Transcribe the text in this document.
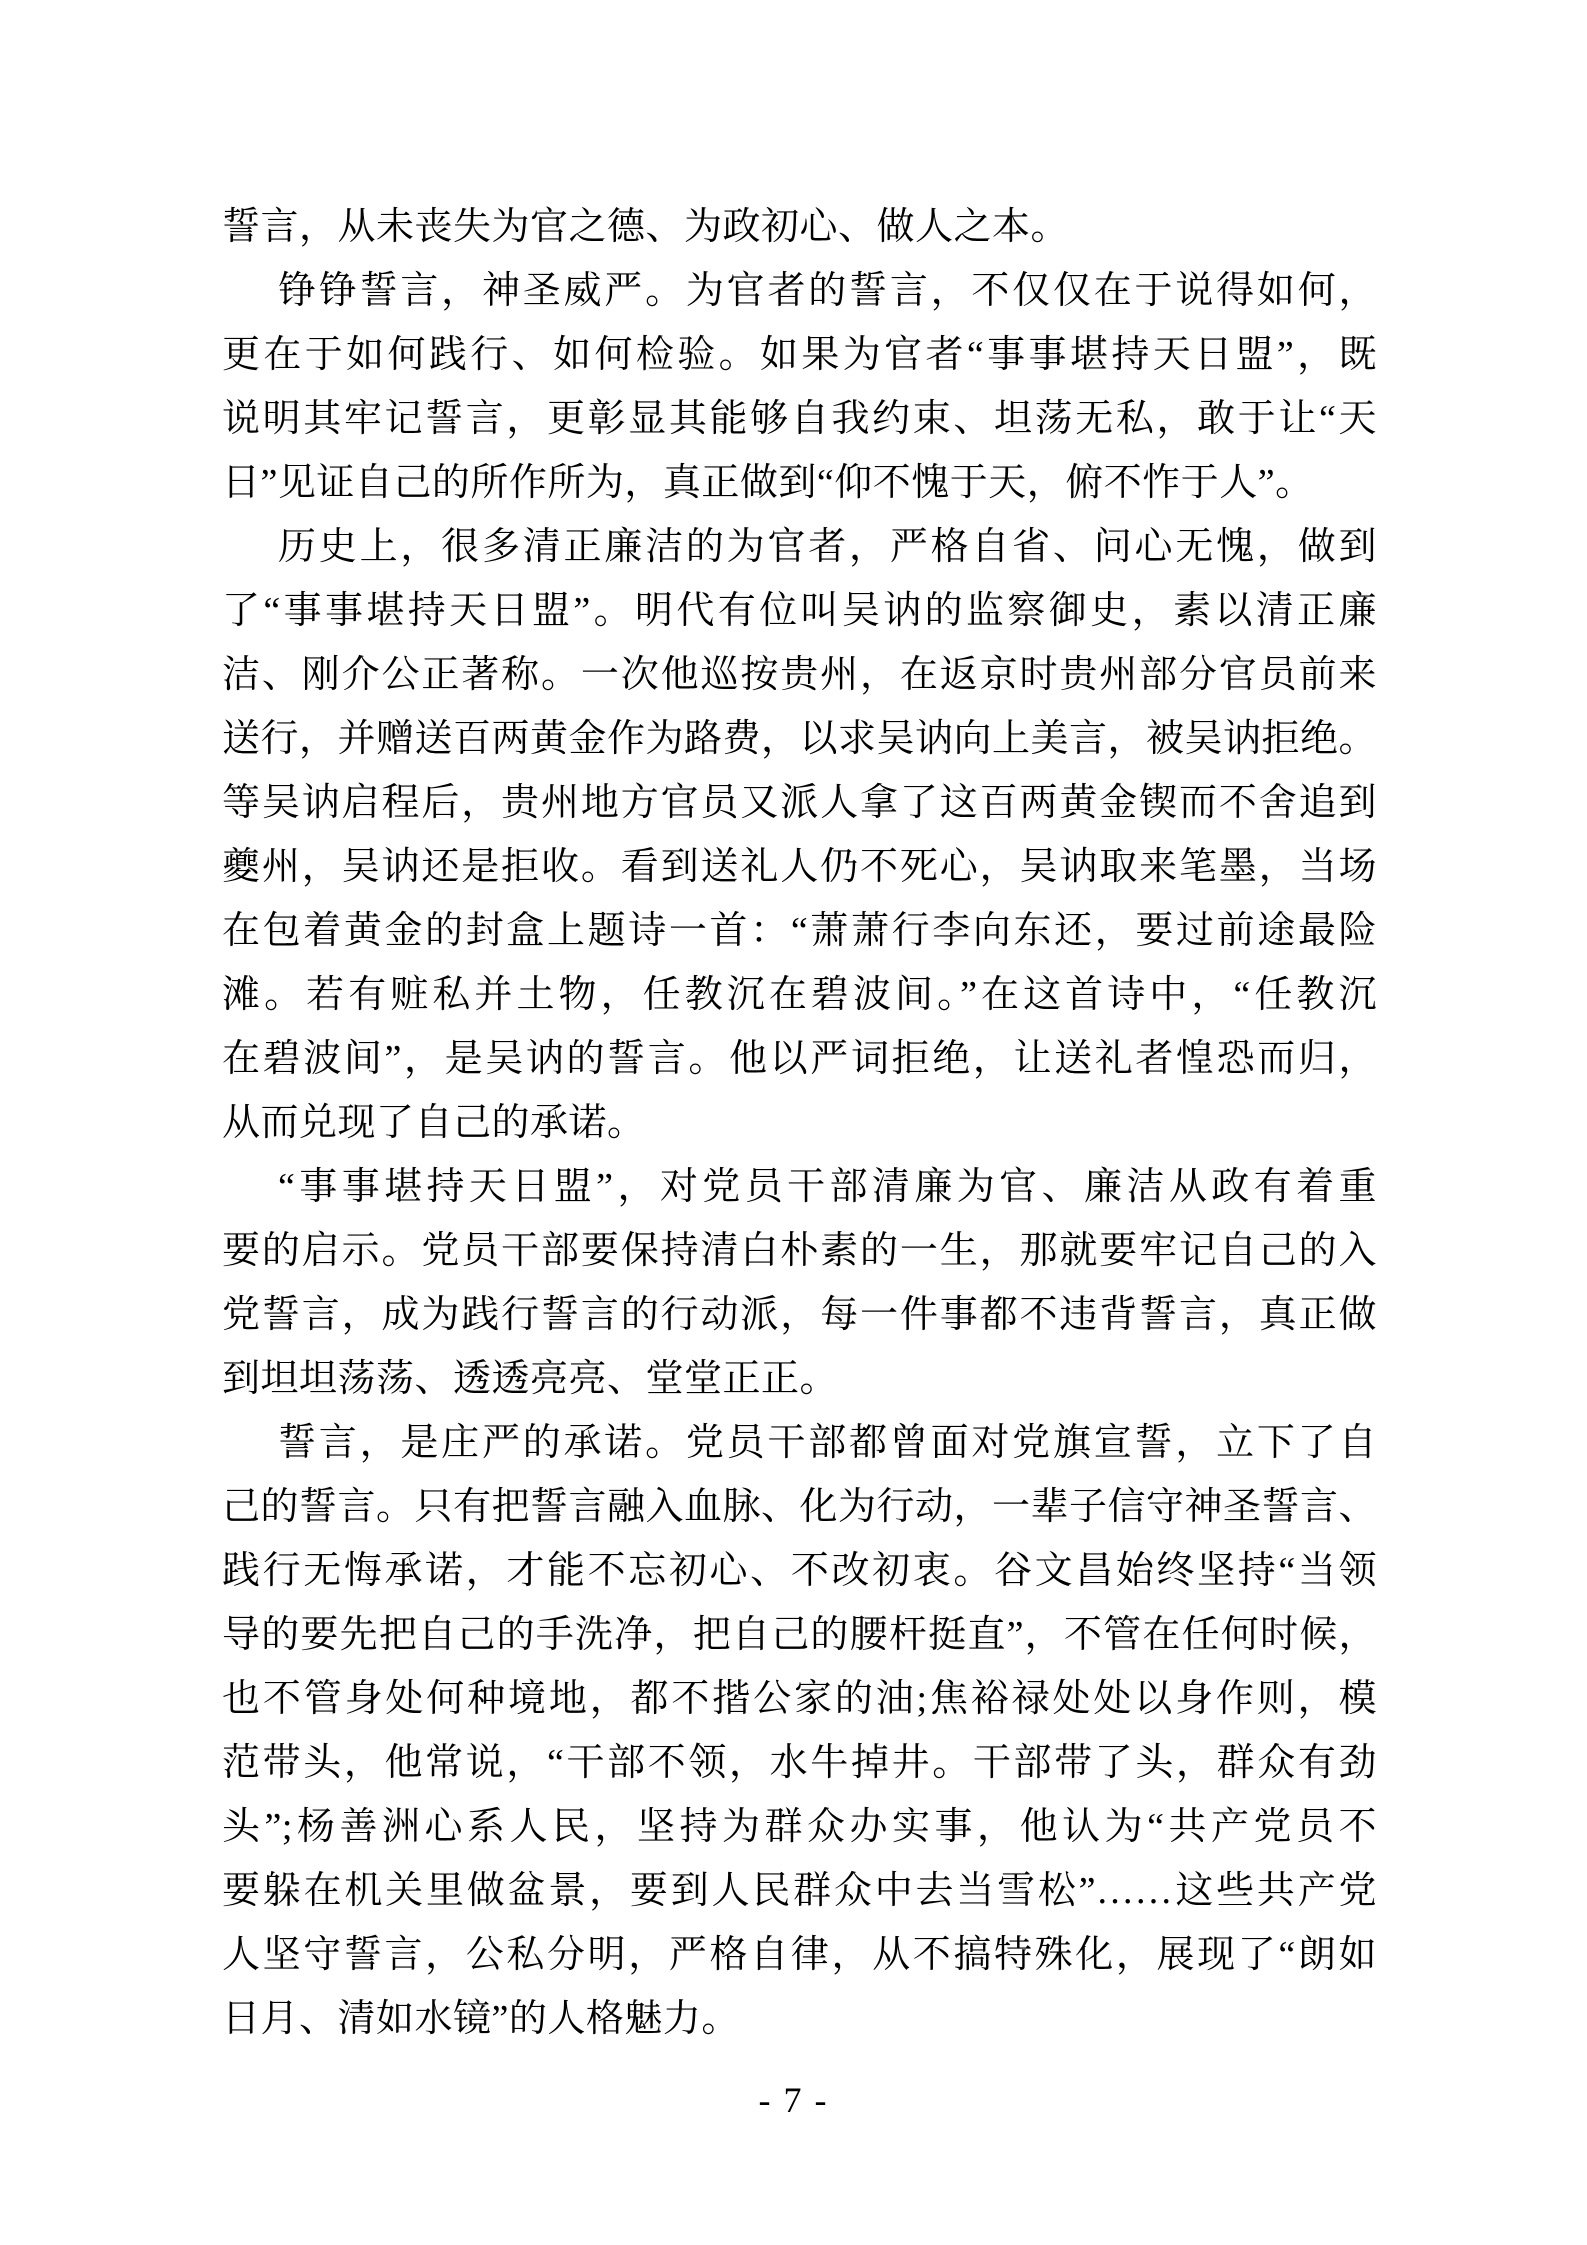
誓言，从未丧失为官之德、为政初心、做人之本。
铮铮誓言，神圣威严。为官者的誓言，不仅仅在于说得如何，
更在于如何践行、如何检验。如果为官者“事事堪持天日盟”，既
说明其牢记誓言，更彰显其能够自我约束、坦荡无私，敢于让“天
日”见证自己的所作所为，真正做到“仰不愧于天，俯不怍于人”。
历史上，很多清正廉洁的为官者，严格自省、问心无愧，做到
了“事事堪持天日盟”。明代有位叫吴讷的监察御史，素以清正廉
洁、刚介公正著称。一次他巡按贵州，在返京时贵州部分官员前来
送行，并赠送百两黄金作为路费，以求吴讷向上美言，被吴讷拒绝。
等吴讷启程后，贵州地方官员又派人拿了这百两黄金锲而不舍追到
夔州，吴讷还是拒收。看到送礼人仍不死心，吴讷取来笔墨，当场
在包着黄金的封盒上题诗一首：“萧萧行李向东还，要过前途最险
滩。若有赃私并土物，任教沉在碧波间。”在这首诗中，“任教沉
在碧波间”，是吴讷的誓言。他以严词拒绝，让送礼者惶恐而归，
从而兑现了自己的承诺。
“事事堪持天日盟”，对党员干部清廉为官、廉洁从政有着重
要的启示。党员干部要保持清白朴素的一生，那就要牢记自己的入
党誓言，成为践行誓言的行动派，每一件事都不违背誓言，真正做
到坦坦荡荡、透透亮亮、堂堂正正。
誓言，是庄严的承诺。党员干部都曾面对党旗宣誓，立下了自
己的誓言。只有把誓言融入血脉、化为行动，一辈子信守神圣誓言、
践行无悔承诺，才能不忘初心、不改初衷。谷文昌始终坚持“当领
导的要先把自己的手洗净，把自己的腰杆挺直”，不管在任何时候，
也不管身处何种境地，都不揩公家的油;焦裕禄处处以身作则，模
范带头，他常说，“干部不领，水牛掉井。干部带了头，群众有劲
头”;杨善洲心系人民，坚持为群众办实事，他认为“共产党员不
要躲在机关里做盆景，要到人民群众中去当雪松”……这些共产党
人坚守誓言，公私分明，严格自律，从不搞特殊化，展现了“朗如
日月、清如水镜”的人格魅力。
- 7 -
